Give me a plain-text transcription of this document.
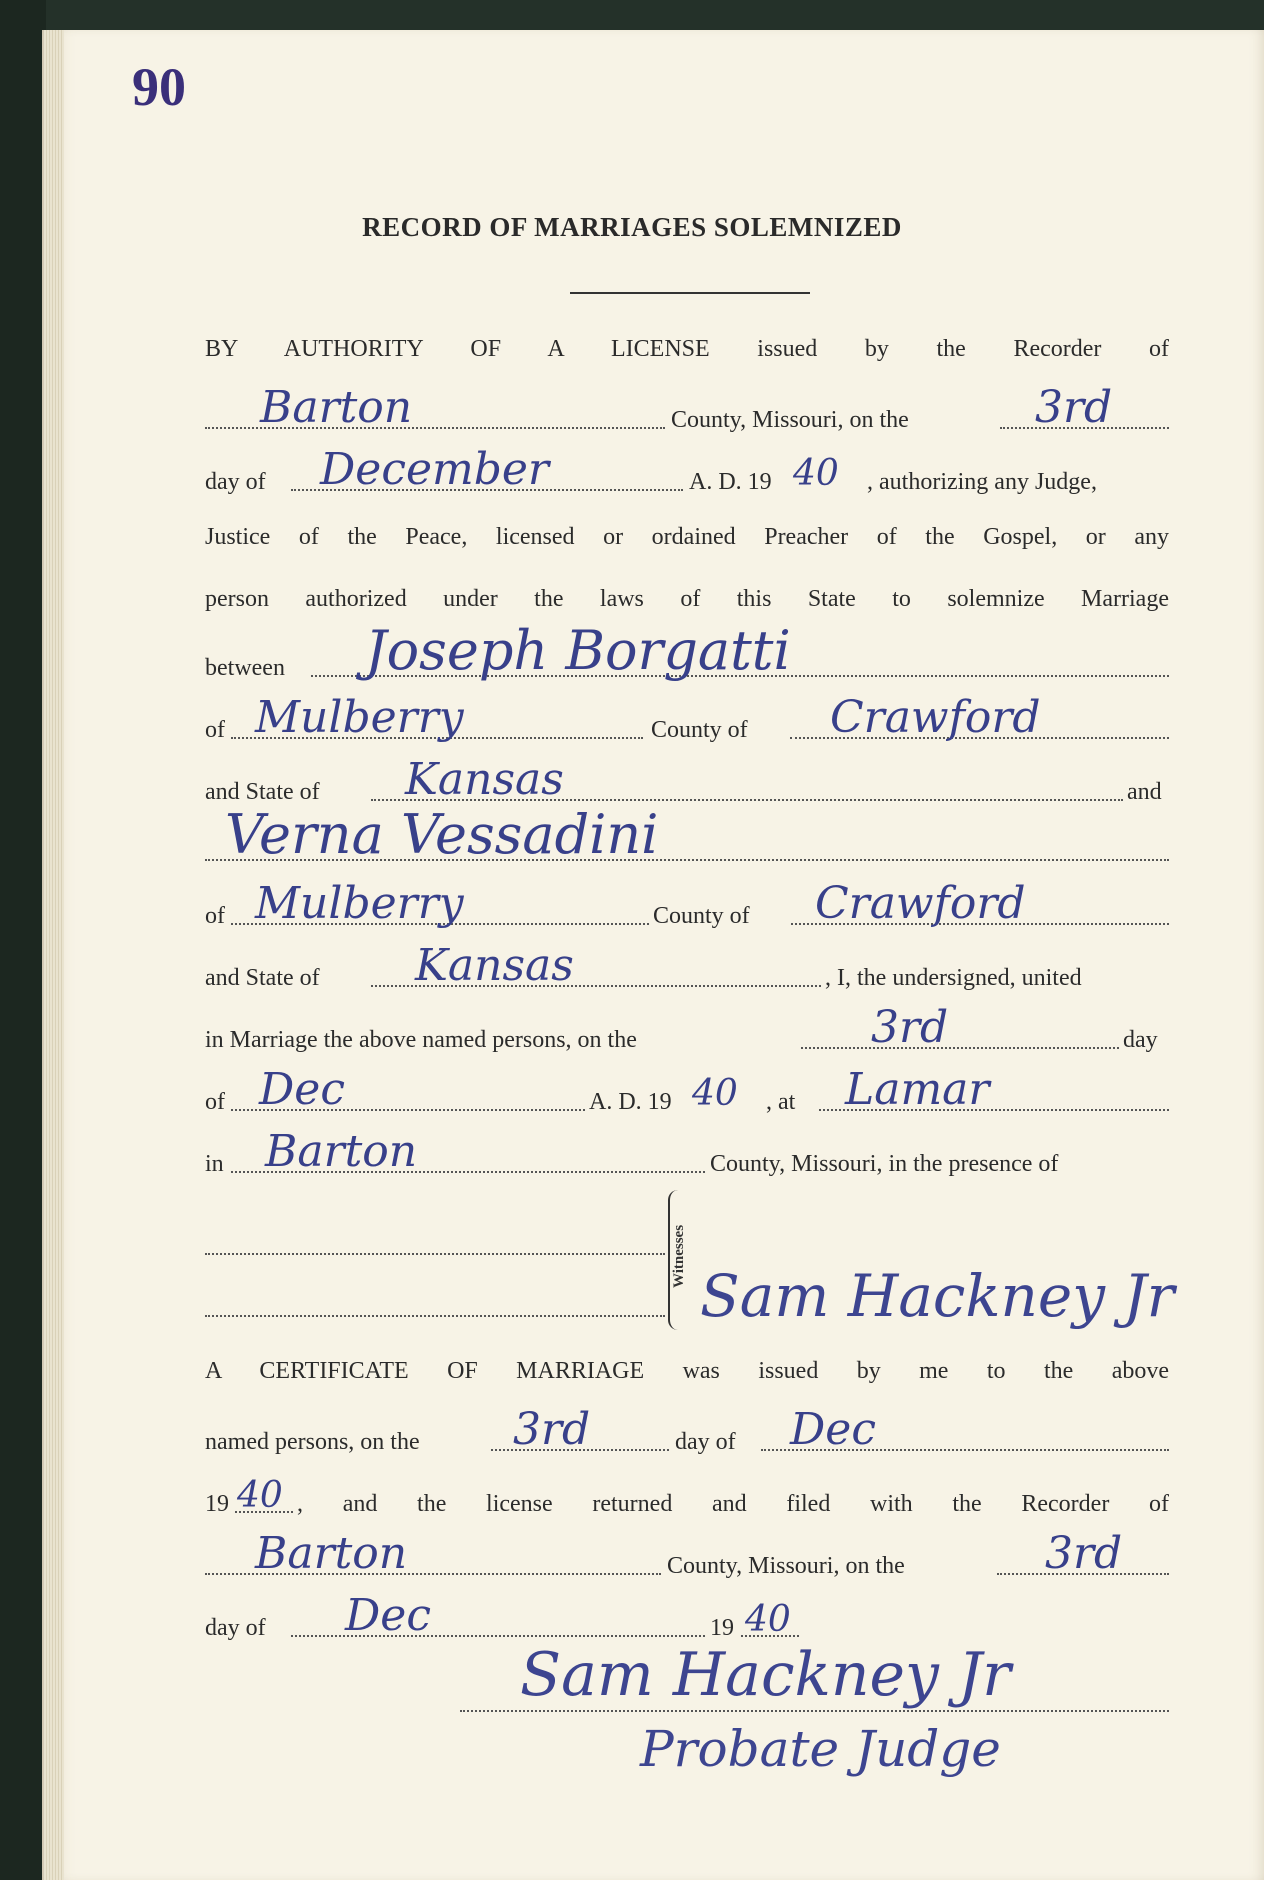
90
RECORD OF MARRIAGES SOLEMNIZED
BY AUTHORITY OF A LICENSE issued by the Recorder of
Barton	County, Missouri, on the	3rd
day of December	A. D. 19 40 , authorizing any Judge,
Justice of the Peace, licensed or ordained Preacher of the Gospel, or any
person authorized under the laws of this State to solemnize Marriage
between Joseph Borgatti
of Mulberry	County of Crawford
and State of Kansas	and
Verna Vessadini
of Mulberry	County of Crawford
and State of Kansas	, I, the undersigned, united
in Marriage the above named persons, on the	3rd	day
of Dec	A. D. 19 40 , at Lamar
in Barton	County, Missouri, in the presence of
Witnesses
Sam Hackney Jr
A CERTIFICATE OF MARRIAGE was issued by me to the above
named persons, on the 3rd	day of Dec
19 40 , and the license returned and filed with the Recorder of
Barton	County, Missouri, on the	3rd
day of Dec	19 40
Sam Hackney Jr
Probate Judge
